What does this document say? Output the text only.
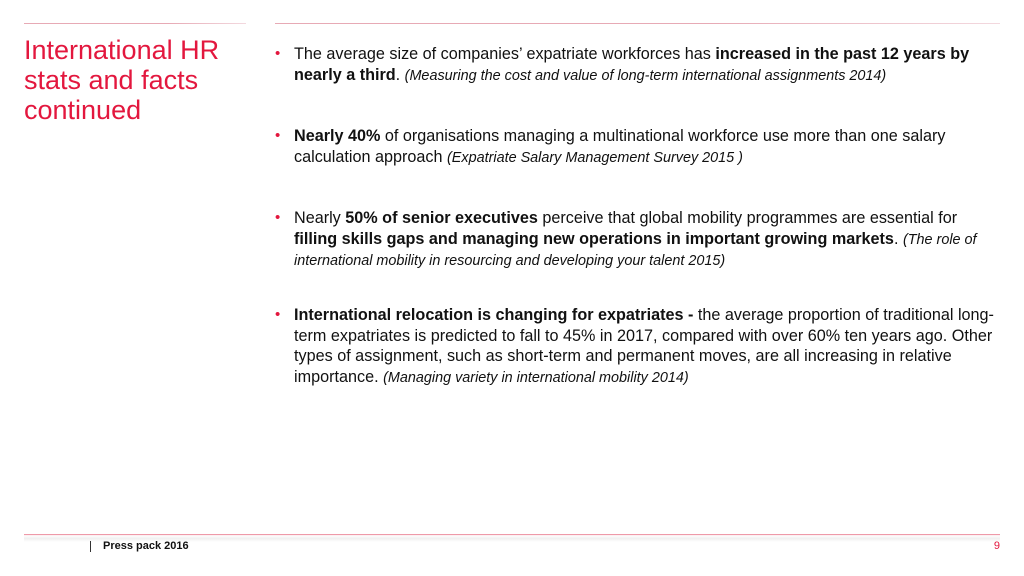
International HR stats and facts continued
• The average size of companies’ expatriate workforces has increased in the past 12 years by nearly a third. (Measuring the cost and value of long-term international assignments 2014)
• Nearly 40% of organisations managing a multinational workforce use more than one salary calculation approach (Expatriate Salary Management Survey 2015 )
• Nearly 50% of senior executives perceive that global mobility programmes are essential for filling skills gaps and managing new operations in important growing markets. (The role of international mobility in resourcing and developing your talent 2015)
• International relocation is changing for expatriates - the average proportion of traditional long-term expatriates is predicted to fall to 45% in 2017, compared with over 60% ten years ago. Other types of assignment, such as short-term and permanent moves, are all increasing in relative importance. (Managing variety in international mobility 2014)
Press pack 2016	9
